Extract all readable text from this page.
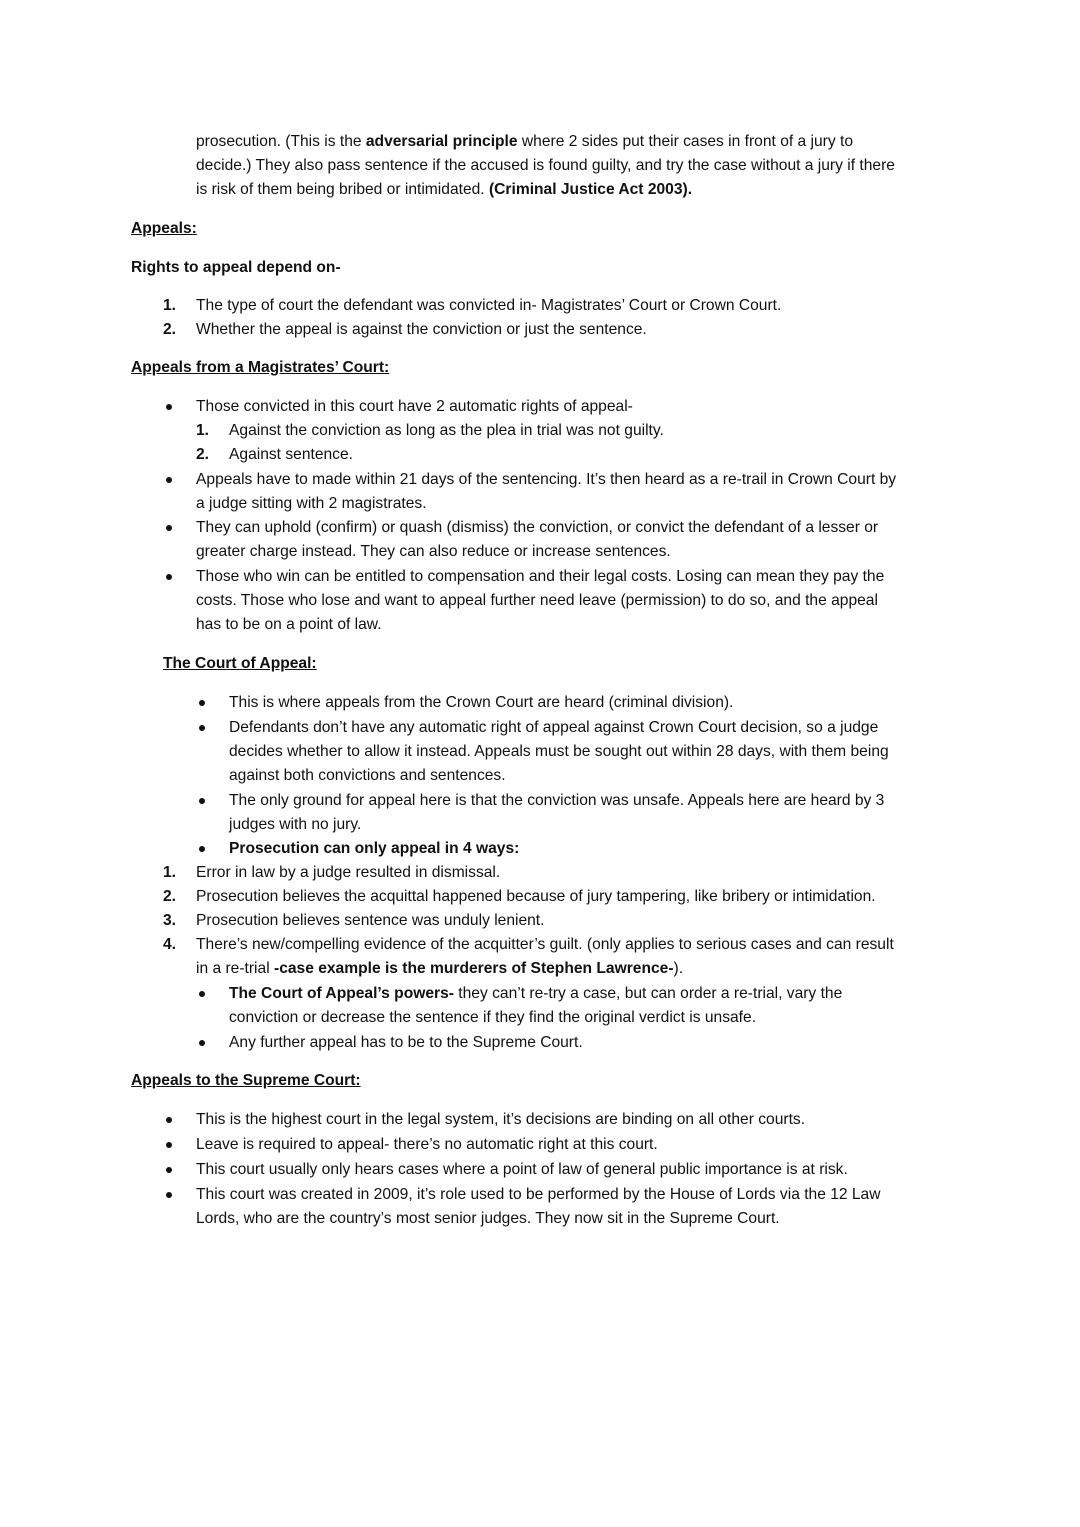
prosecution. (This is the adversarial principle where 2 sides put their cases in front of a jury to
decide.) They also pass sentence if the accused is found guilty, and try the case without a jury if there
is risk of them being bribed or intimidated. (Criminal Justice Act 2003).
Appeals:
Rights to appeal depend on-
1. The type of court the defendant was convicted in- Magistrates’ Court or Crown Court.
2. Whether the appeal is against the conviction or just the sentence.
Appeals from a Magistrates’ Court:
Those convicted in this court have 2 automatic rights of appeal-
1. Against the conviction as long as the plea in trial was not guilty.
2. Against sentence.
Appeals have to made within 21 days of the sentencing. It’s then heard as a re-trail in Crown Court by
a judge sitting with 2 magistrates.
They can uphold (confirm) or quash (dismiss) the conviction, or convict the defendant of a lesser or
greater charge instead. They can also reduce or increase sentences.
Those who win can be entitled to compensation and their legal costs. Losing can mean they pay the
costs. Those who lose and want to appeal further need leave (permission) to do so, and the appeal
has to be on a point of law.
The Court of Appeal:
This is where appeals from the Crown Court are heard (criminal division).
Defendants don’t have any automatic right of appeal against Crown Court decision, so a judge
decides whether to allow it instead. Appeals must be sought out within 28 days, with them being
against both convictions and sentences.
The only ground for appeal here is that the conviction was unsafe. Appeals here are heard by 3
judges with no jury.
Prosecution can only appeal in 4 ways:
1. Error in law by a judge resulted in dismissal.
2. Prosecution believes the acquittal happened because of jury tampering, like bribery or intimidation.
3. Prosecution believes sentence was unduly lenient.
4. There’s new/compelling evidence of the acquitter’s guilt. (only applies to serious cases and can result
in a re-trial -case example is the murderers of Stephen Lawrence-).
The Court of Appeal’s powers- they can’t re-try a case, but can order a re-trial, vary the
conviction or decrease the sentence if they find the original verdict is unsafe.
Any further appeal has to be to the Supreme Court.
Appeals to the Supreme Court:
This is the highest court in the legal system, it’s decisions are binding on all other courts.
Leave is required to appeal- there’s no automatic right at this court.
This court usually only hears cases where a point of law of general public importance is at risk.
This court was created in 2009, it’s role used to be performed by the House of Lords via the 12 Law
Lords, who are the country’s most senior judges. They now sit in the Supreme Court.
